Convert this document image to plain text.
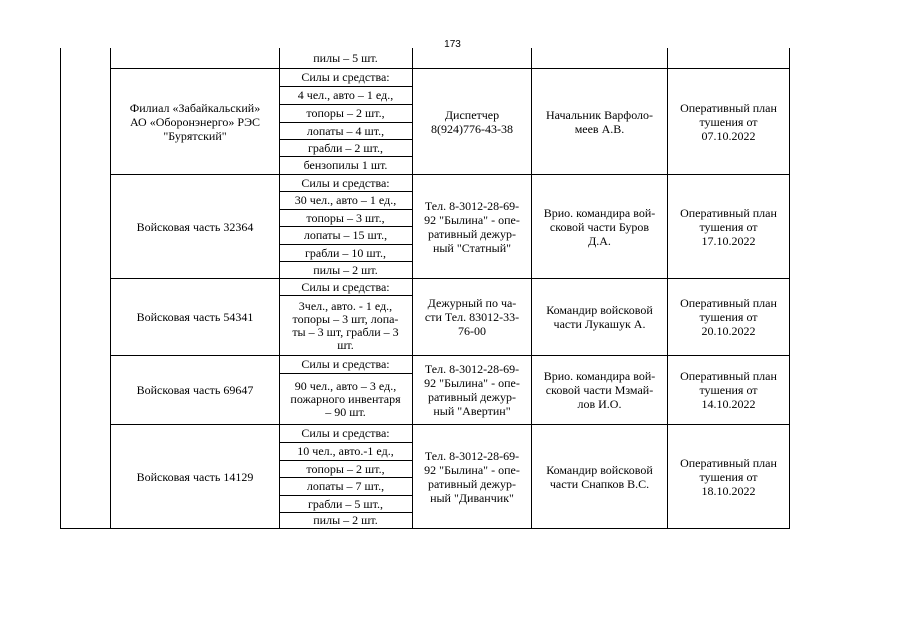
173
пилы – 5 шт.
Филиал «Забайкальский»
АО «Оборонэнерго» РЭС
"Бурятский"
Силы и средства:
4 чел., авто – 1 ед.,
топоры – 2 шт.,
лопаты – 4 шт.,
грабли – 2 шт.,
бензопилы 1 шт.
Диспетчер
8(924)776-43-38
Начальник Варфоло-
меев А.В.
Оперативный план
тушения от
07.10.2022
Войсковая часть 32364
Силы и средства:
30 чел., авто – 1 ед.,
топоры – 3 шт.,
лопаты – 15 шт.,
грабли – 10 шт.,
пилы – 2 шт.
Тел. 8-3012-28-69-
92 "Былина" - опе-
ративный дежур-
ный "Статный"
Врио. командира вой-
сковой части Буров
Д.А.
Оперативный план
тушения от
17.10.2022
Войсковая часть 54341
Силы и средства:
3чел., авто. - 1 ед.,
топоры – 3 шт, лопа-
ты – 3 шт, грабли – 3
шт.
Дежурный по ча-
сти Тел. 83012-33-
76-00
Командир войсковой
части Лукашук А.
Оперативный план
тушения от
20.10.2022
Войсковая часть 69647
Силы и средства:
90 чел., авто – 3 ед.,
пожарного инвентаря
– 90 шт.
Тел. 8-3012-28-69-
92 "Былина" - опе-
ративный дежур-
ный "Авертин"
Врио. командира вой-
сковой части Мзмай-
лов И.О.
Оперативный план
тушения от
14.10.2022
Войсковая часть 14129
Силы и средства:
10 чел., авто.-1 ед.,
топоры – 2 шт.,
лопаты – 7 шт.,
грабли – 5 шт.,
пилы – 2 шт.
Тел. 8-3012-28-69-
92 "Былина" - опе-
ративный дежур-
ный "Диванчик"
Командир войсковой
части Снапков В.С.
Оперативный план
тушения от
18.10.2022
